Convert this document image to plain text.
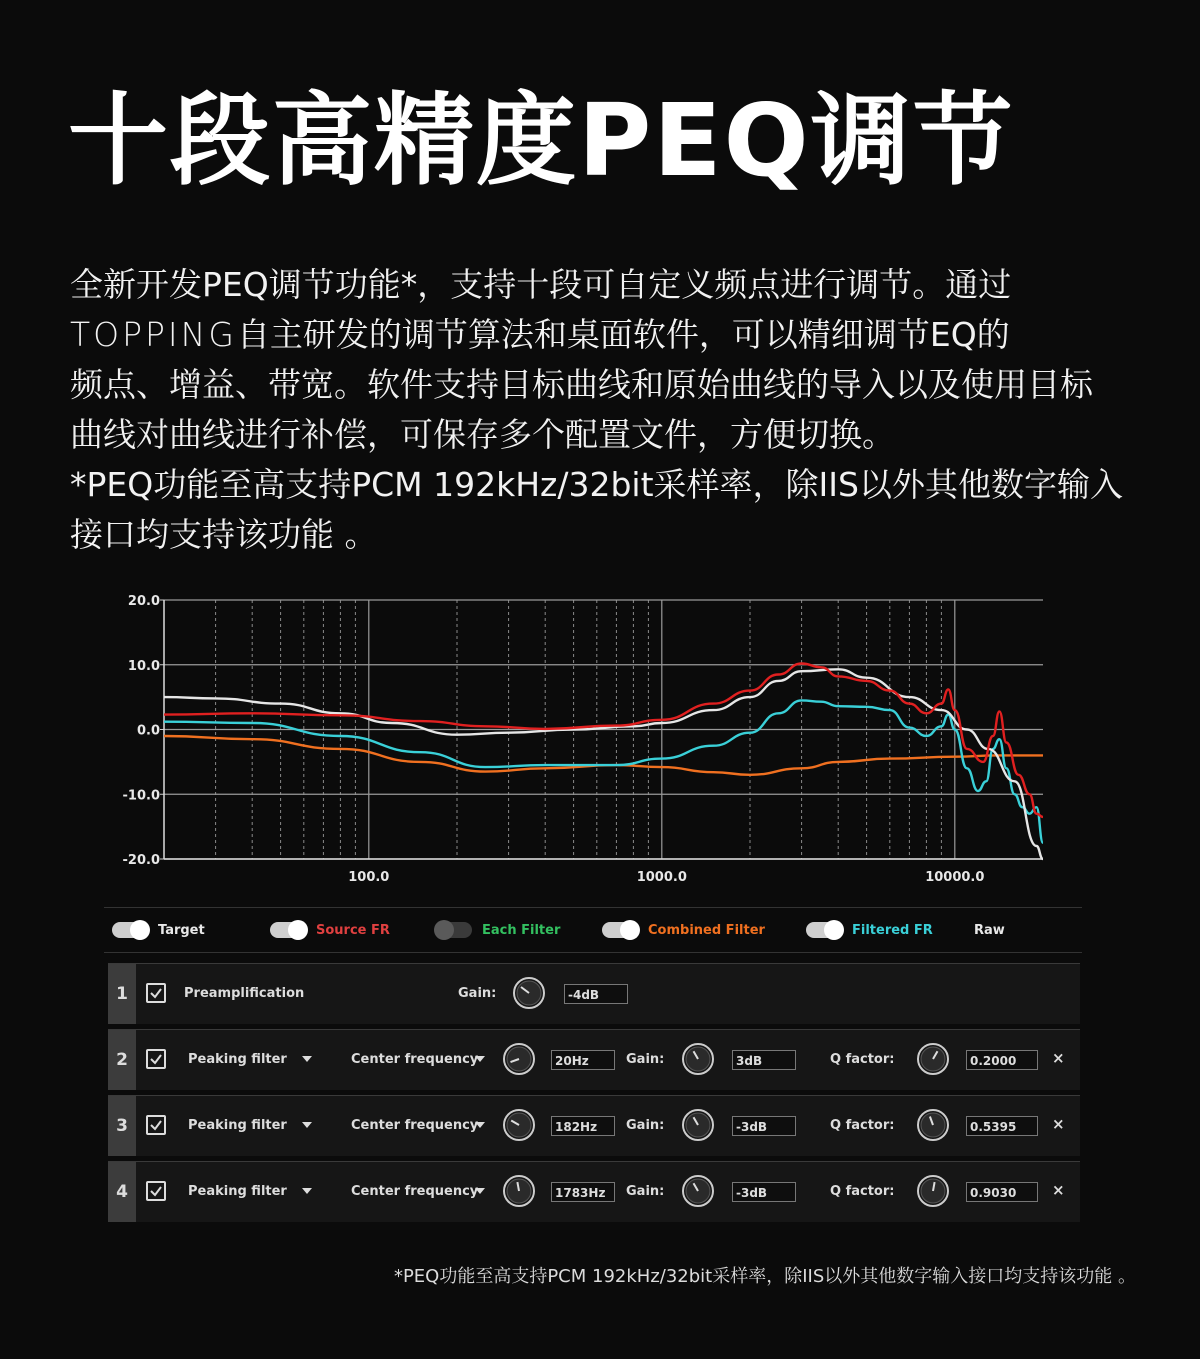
十段高精度PEQ调节
全新开发PEQ调节功能*，支持十段可自定义频点进行调节。通过
TOPPING自主研发的调节算法和桌面软件，可以精细调节EQ的
频点、增益、带宽。软件支持目标曲线和原始曲线的导入以及使用目标
曲线对曲线进行补偿，可保存多个配置文件，方便切换。
*PEQ功能至高支持PCM 192kHz/32bit采样率，除IIS以外其他数字输入
接口均支持该功能 。
20.0
10.0
0.0
-10.0
-20.0
100.0	1000.0	10000.0
Target	Source FR	Each Filter	Combined Filter	Filtered FR	Raw
1	Preamplification	Gain:	-4dB
2	Peaking filter	Center frequency	20Hz	Gain:	3dB	Q factor:	0.2000	×
3	Peaking filter	Center frequency	182Hz	Gain:	-3dB	Q factor:	0.5395	×
4	Peaking filter	Center frequency	1783Hz	Gain:	-3dB	Q factor:	0.9030	×
*PEQ功能至高支持PCM 192kHz/32bit采样率，除IIS以外其他数字输入接口均支持该功能 。
